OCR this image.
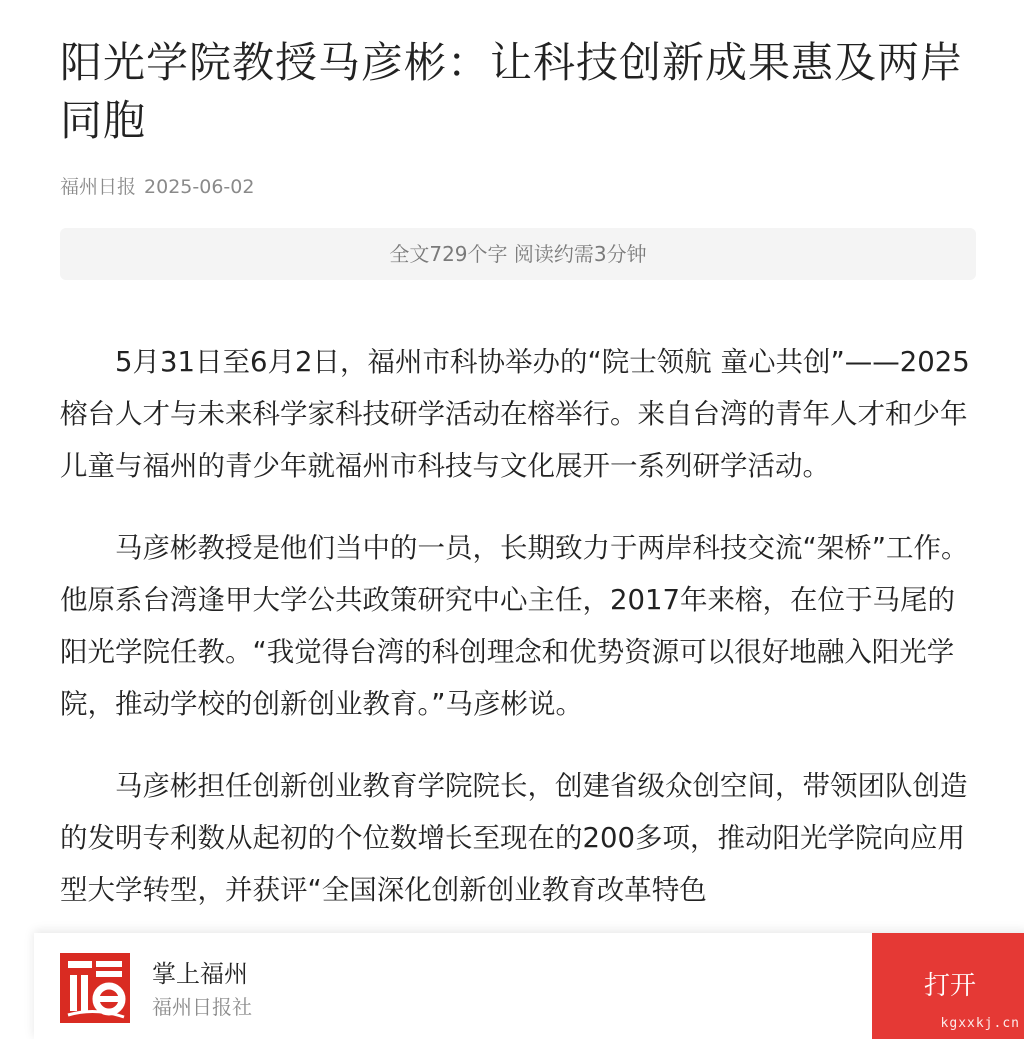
阳光学院教授马彦彬：让科技创新成果惠及两岸同胞
福州日报 2025-06-02
全文729个字 阅读约需3分钟

5月31日至6月2日，福州市科协举办的“院士领航 童心共创”——2025榕台人才与未来科学家科技研学活动在榕举行。来自台湾的青年人才和少年儿童与福州的青少年就福州市科技与文化展开一系列研学活动。

马彦彬教授是他们当中的一员，长期致力于两岸科技交流“架桥”工作。他原系台湾逢甲大学公共政策研究中心主任，2017年来榕，在位于马尾的阳光学院任教。“我觉得台湾的科创理念和优势资源可以很好地融入阳光学院，推动学校的创新创业教育。”马彦彬说。

马彦彬担任创新创业教育学院院长，创建省级众创空间，带领团队创造的发明专利数从起初的个位数增长至现在的200多项，推动阳光学院向应用型大学转型，并获评“全国深化创新创业教育改革特色

掌上福州
福州日报社
打开
kgxxkj.cn
